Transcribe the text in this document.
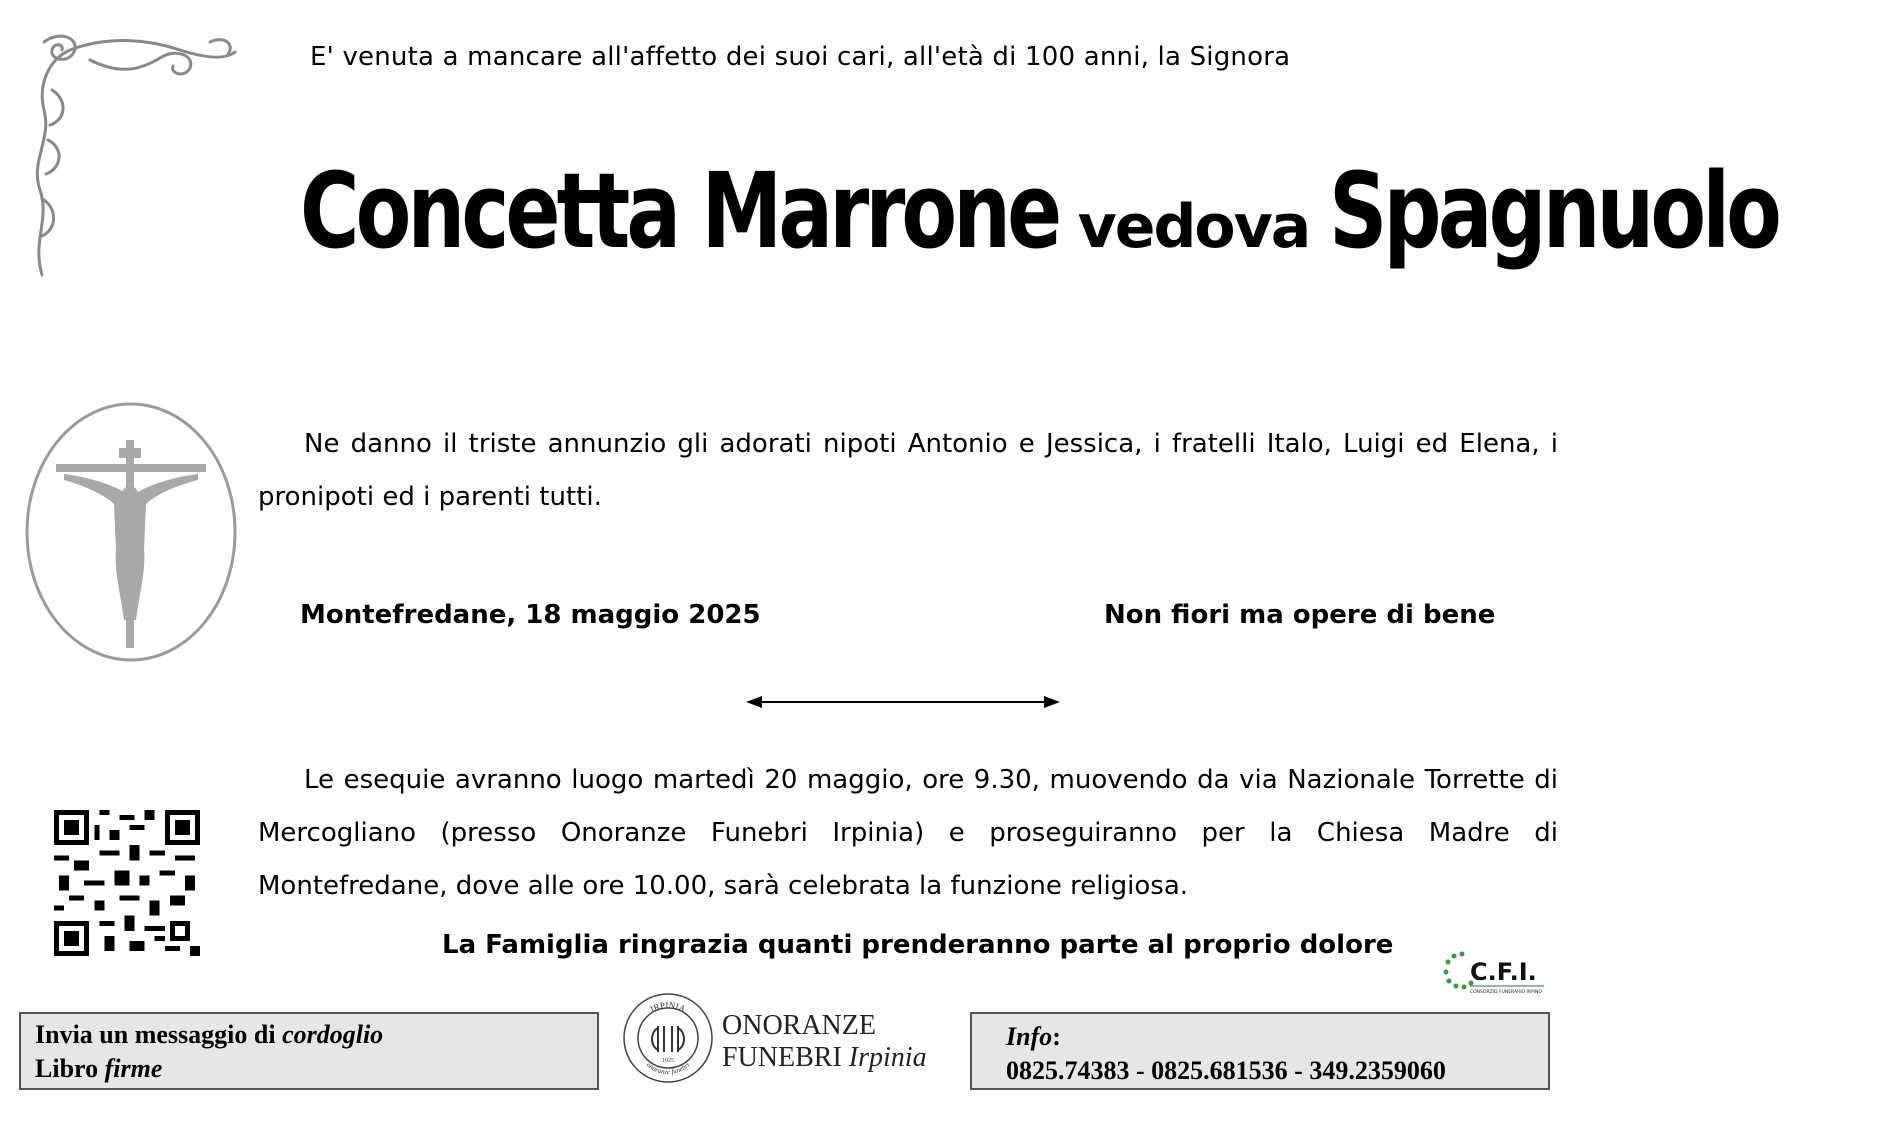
E' venuta a mancare all'affetto dei suoi cari, all'età di 100 anni, la Signora
Concetta Marrone vedova Spagnuolo

Ne danno il triste annunzio gli adorati nipoti Antonio e Jessica, i fratelli Italo, Luigi ed Elena, i pronipoti ed i parenti tutti.

Montefredane, 18 maggio 2025	Non fiori ma opere di bene

Le esequie avranno luogo martedì 20 maggio, ore 9.30, muovendo da via Nazionale Torrette di Mercogliano (presso Onoranze Funebri Irpinia) e proseguiranno per la Chiesa Madre di Montefredane, dove alle ore 10.00, sarà celebrata la funzione religiosa.

La Famiglia ringrazia quanti prenderanno parte al proprio dolore
C.F.I.
CONSORZIO FUNERARIO IRPINO
Invia un messaggio di cordoglio
Libro firme
IRPINIA
onoranze funebri
1925
ONORANZE
FUNEBRI Irpinia
Info:
0825.74383 - 0825.681536 - 349.2359060
